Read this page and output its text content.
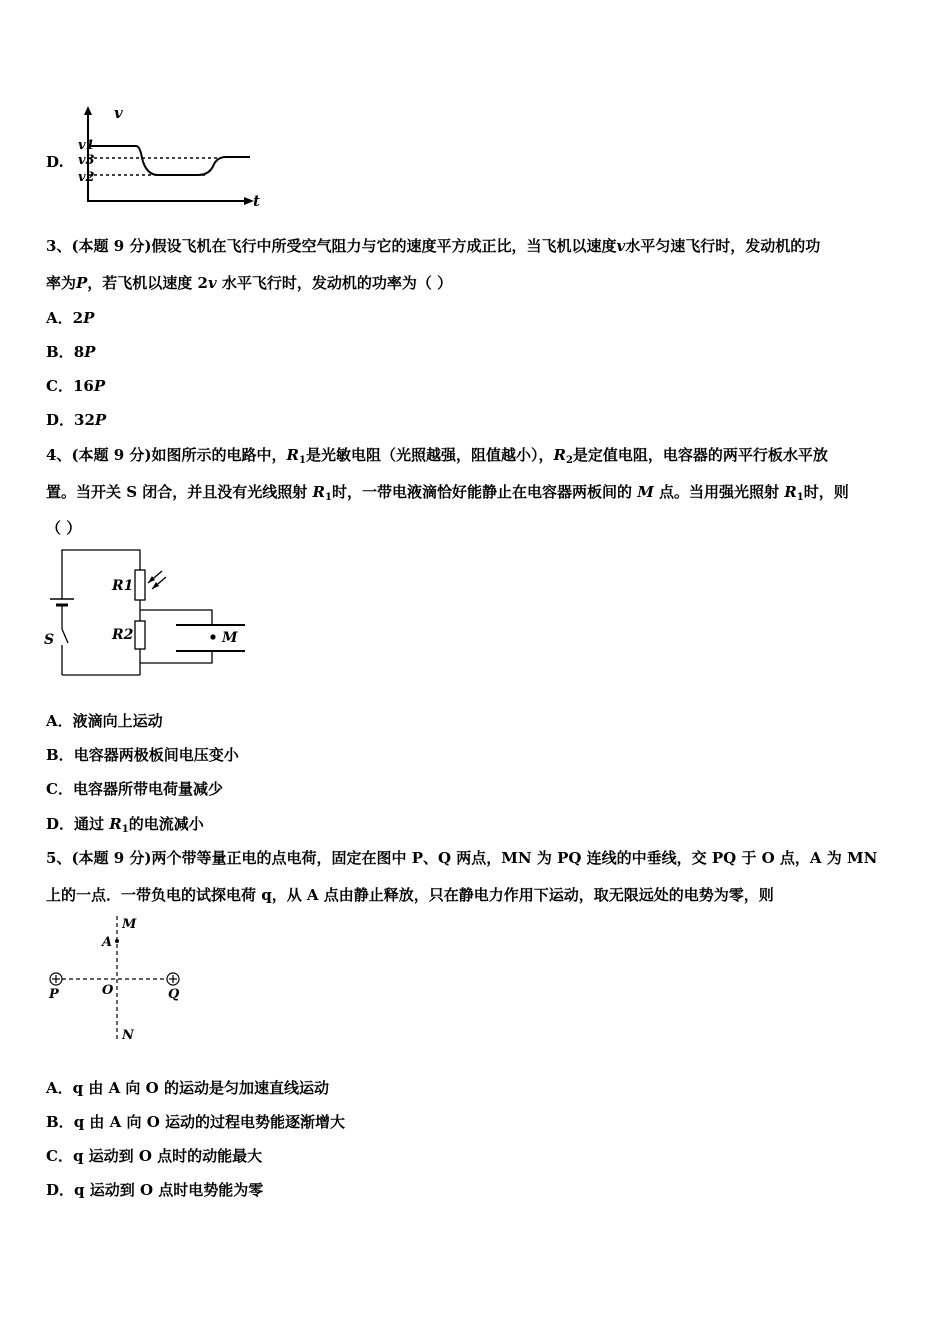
D.
v
t
v1
v3
v2
3、(本题 9 分)假设飞机在飞行中所受空气阻力与它的速度平方成正比，当飞机以速度v水平匀速飞行时，发动机的功
率为P，若飞机以速度 2v 水平飞行时，发动机的功率为（ ）
A．2P
B．8P
C．16P
D．32P
4、(本题 9 分)如图所示的电路中，$R_1$是光敏电阻（光照越强，阻值越小），$R_2$是定值电阻，电容器的两平行板水平放
置。当开关 S 闭合，并且没有光线照射 $R_1$时，一带电液滴恰好能静止在电容器两板间的 M 点。当用强光照射 $R_1$时，则
（ ）
S
R1
R2	M
A．液滴向上运动
B．电容器两极板间电压变小
C．电容器所带电荷量减少
D．通过 $R_1$的电流减小
5、(本题 9 分)两个带等量正电的点电荷，固定在图中 P、Q 两点，MN 为 PQ 连线的中垂线，交 PQ 于 O 点，A 为 MN
上的一点．一带负电的试探电荷 q，从 A 点由静止释放，只在静电力作用下运动，取无限远处的电势为零，则
M
A
P	O	Q
N
A．q 由 A 向 O 的运动是匀加速直线运动
B．q 由 A 向 O 运动的过程电势能逐渐增大
C．q 运动到 O 点时的动能最大
D．q 运动到 O 点时电势能为零
